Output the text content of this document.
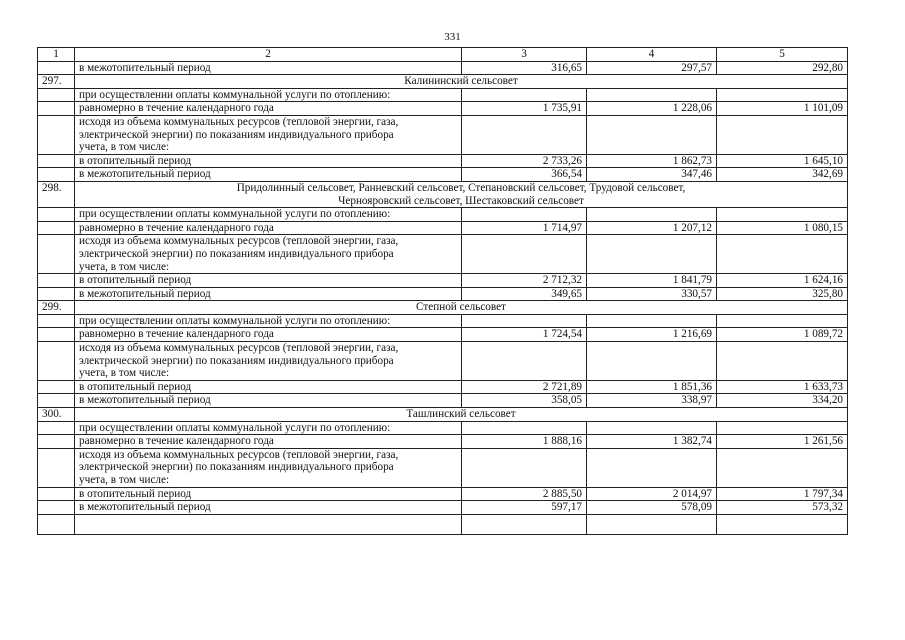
331
1	2	3	4	5
	в межотопительный период	316,65	297,57	292,80
297.	Калининский сельсовет			
	при осуществлении оплаты коммунальной услуги по отоплению:			
	равномерно в течение календарного года	1 735,91	1 228,06	1 101,09
	исходя из объема коммунальных ресурсов (тепловой энергии, газа,
электрической энергии) по показаниям индивидуального прибора
учета, в том числе:			
	в отопительный период	2 733,26	1 862,73	1 645,10
	в межотопительный период	366,54	347,46	342,69
298.	Придолинный сельсовет, Ранневский сельсовет, Степановский сельсовет, Трудовой сельсовет,
Чернояровский сельсовет, Шестаковский сельсовет			
	при осуществлении оплаты коммунальной услуги по отоплению:			
	равномерно в течение календарного года	1 714,97	1 207,12	1 080,15
	исходя из объема коммунальных ресурсов (тепловой энергии, газа,
электрической энергии) по показаниям индивидуального прибора
учета, в том числе:			
	в отопительный период	2 712,32	1 841,79	1 624,16
	в межотопительный период	349,65	330,57	325,80
299.	Степной сельсовет			
	при осуществлении оплаты коммунальной услуги по отоплению:			
	равномерно в течение календарного года	1 724,54	1 216,69	1 089,72
	исходя из объема коммунальных ресурсов (тепловой энергии, газа,
электрической энергии) по показаниям индивидуального прибора
учета, в том числе:			
	в отопительный период	2 721,89	1 851,36	1 633,73
	в межотопительный период	358,05	338,97	334,20
300.	Ташлинский сельсовет			
	при осуществлении оплаты коммунальной услуги по отоплению:			
	равномерно в течение календарного года	1 888,16	1 382,74	1 261,56
	исходя из объема коммунальных ресурсов (тепловой энергии, газа,
электрической энергии) по показаниям индивидуального прибора
учета, в том числе:			
	в отопительный период	2 885,50	2 014,97	1 797,34
	в межотопительный период	597,17	578,09	573,32
